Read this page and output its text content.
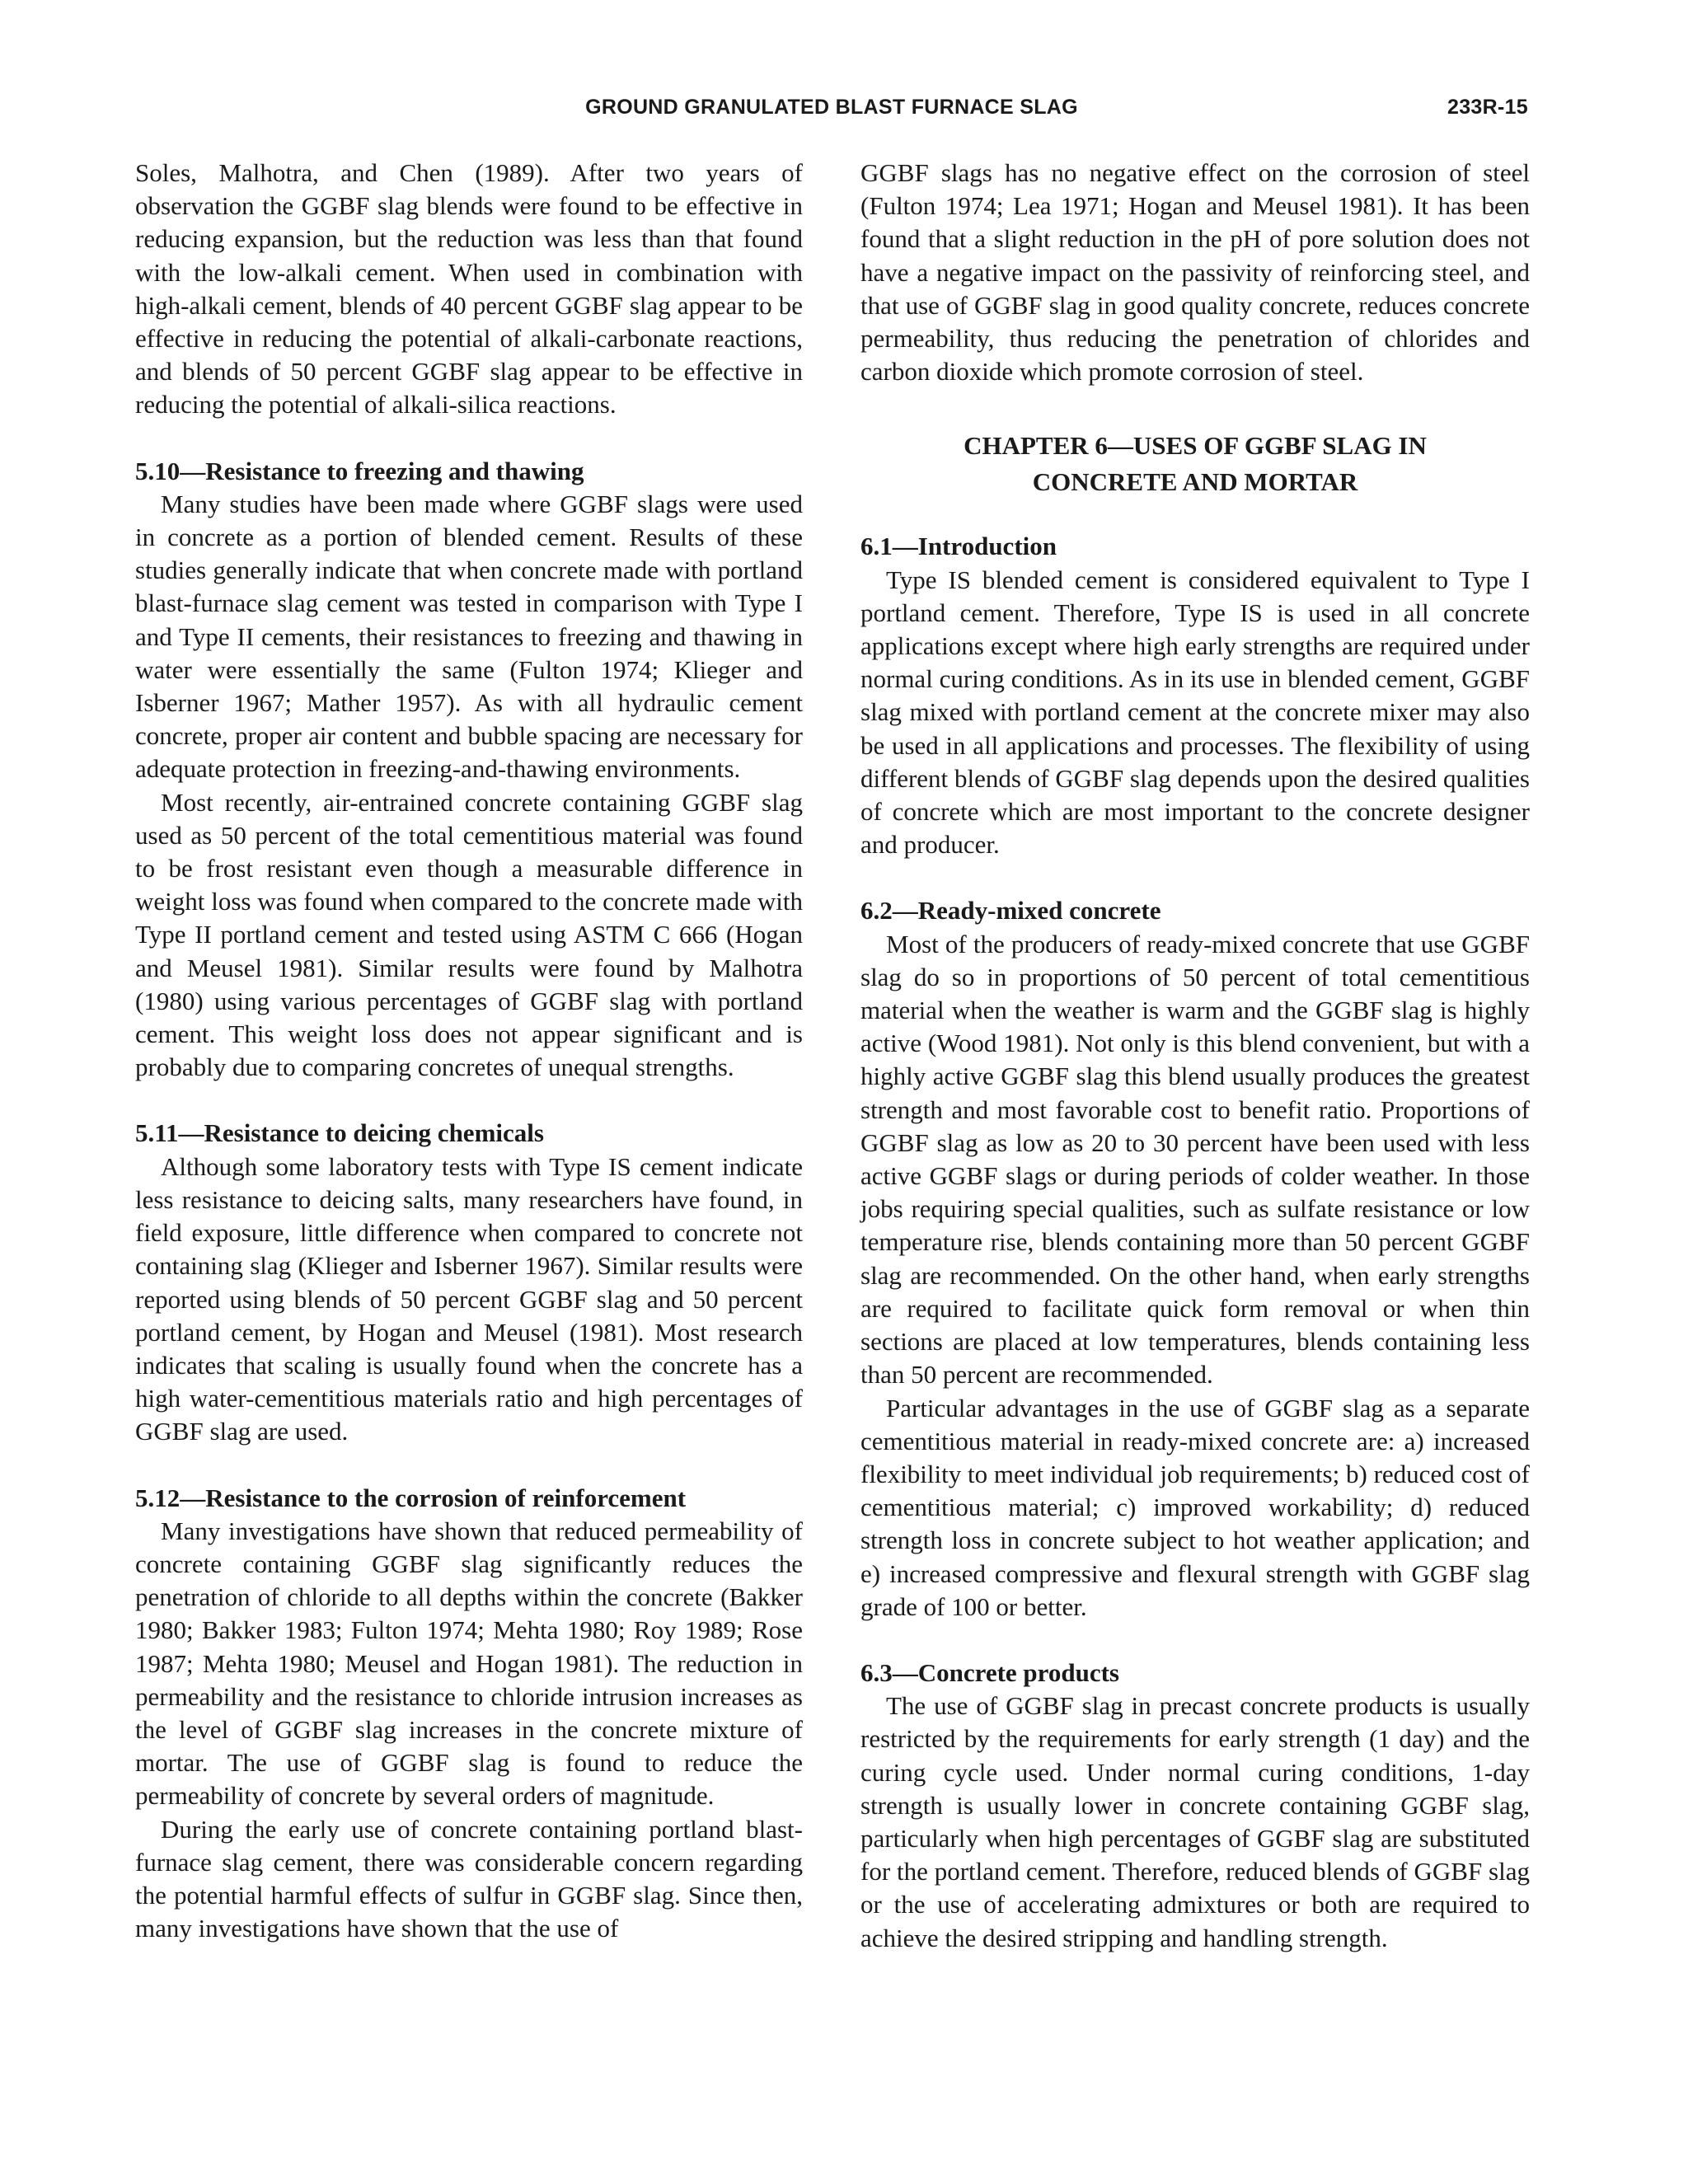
GROUND GRANULATED BLAST FURNACE SLAG	233R-15

Soles, Malhotra, and Chen (1989). After two years of observation the GGBF slag blends were found to be effective in reducing expansion, but the reduction was less than that found with the low-alkali cement. When used in combination with high-alkali cement, blends of 40 percent GGBF slag appear to be effective in reducing the potential of alkali-carbonate reactions, and blends of 50 percent GGBF slag appear to be effective in reducing the potential of alkali-silica reactions.

5.10—Resistance to freezing and thawing

Many studies have been made where GGBF slags were used in concrete as a portion of blended cement. Results of these studies generally indicate that when concrete made with portland blast-furnace slag cement was tested in comparison with Type I and Type II cements, their resistances to freezing and thawing in water were essentially the same (Fulton 1974; Klieger and Isberner 1967; Mather 1957). As with all hydraulic cement concrete, proper air content and bubble spacing are necessary for adequate protection in freezing-and-thawing environments.

Most recently, air-entrained concrete containing GGBF slag used as 50 percent of the total cementitious material was found to be frost resistant even though a measurable difference in weight loss was found when compared to the concrete made with Type II portland cement and tested using ASTM C 666 (Hogan and Meusel 1981). Similar results were found by Malhotra (1980) using various percentages of GGBF slag with portland cement. This weight loss does not appear significant and is probably due to comparing concretes of unequal strengths.

5.11—Resistance to deicing chemicals

Although some laboratory tests with Type IS cement indicate less resistance to deicing salts, many researchers have found, in field exposure, little difference when compared to concrete not containing slag (Klieger and Isberner 1967). Similar results were reported using blends of 50 percent GGBF slag and 50 percent portland cement, by Hogan and Meusel (1981). Most research indicates that scaling is usually found when the concrete has a high water-cementitious materials ratio and high percentages of GGBF slag are used.

5.12—Resistance to the corrosion of reinforcement

Many investigations have shown that reduced permeability of concrete containing GGBF slag significantly reduces the penetration of chloride to all depths within the concrete (Bakker 1980; Bakker 1983; Fulton 1974; Mehta 1980; Roy 1989; Rose 1987; Mehta 1980; Meusel and Hogan 1981). The reduction in permeability and the resistance to chloride intrusion increases as the level of GGBF slag increases in the concrete mixture of mortar. The use of GGBF slag is found to reduce the permeability of concrete by several orders of magnitude.

During the early use of concrete containing portland blast-furnace slag cement, there was considerable concern regarding the potential harmful effects of sulfur in GGBF slag. Since then, many investigations have shown that the use of

GGBF slags has no negative effect on the corrosion of steel (Fulton 1974; Lea 1971; Hogan and Meusel 1981). It has been found that a slight reduction in the pH of pore solution does not have a negative impact on the passivity of reinforcing steel, and that use of GGBF slag in good quality concrete, reduces concrete permeability, thus reducing the penetration of chlorides and carbon dioxide which promote corrosion of steel.

CHAPTER 6—USES OF GGBF SLAG IN
CONCRETE AND MORTAR
6.1—Introduction

Type IS blended cement is considered equivalent to Type I portland cement. Therefore, Type IS is used in all concrete applications except where high early strengths are required under normal curing conditions. As in its use in blended cement, GGBF slag mixed with portland cement at the concrete mixer may also be used in all applications and processes. The flexibility of using different blends of GGBF slag depends upon the desired qualities of concrete which are most important to the concrete designer and producer.

6.2—Ready-mixed concrete

Most of the producers of ready-mixed concrete that use GGBF slag do so in proportions of 50 percent of total cementitious material when the weather is warm and the GGBF slag is highly active (Wood 1981). Not only is this blend convenient, but with a highly active GGBF slag this blend usually produces the greatest strength and most favorable cost to benefit ratio. Proportions of GGBF slag as low as 20 to 30 percent have been used with less active GGBF slags or during periods of colder weather. In those jobs requiring special qualities, such as sulfate resistance or low temperature rise, blends containing more than 50 percent GGBF slag are recommended. On the other hand, when early strengths are required to facilitate quick form removal or when thin sections are placed at low temperatures, blends containing less than 50 percent are recommended.

Particular advantages in the use of GGBF slag as a separate cementitious material in ready-mixed concrete are: a) increased flexibility to meet individual job requirements; b) reduced cost of cementitious material; c) improved workability; d) reduced strength loss in concrete subject to hot weather application; and e) increased compressive and flexural strength with GGBF slag grade of 100 or better.

6.3—Concrete products

The use of GGBF slag in precast concrete products is usually restricted by the requirements for early strength (1 day) and the curing cycle used. Under normal curing conditions, 1-day strength is usually lower in concrete containing GGBF slag, particularly when high percentages of GGBF slag are substituted for the portland cement. Therefore, reduced blends of GGBF slag or the use of accelerating admixtures or both are required to achieve the desired stripping and handling strength.
